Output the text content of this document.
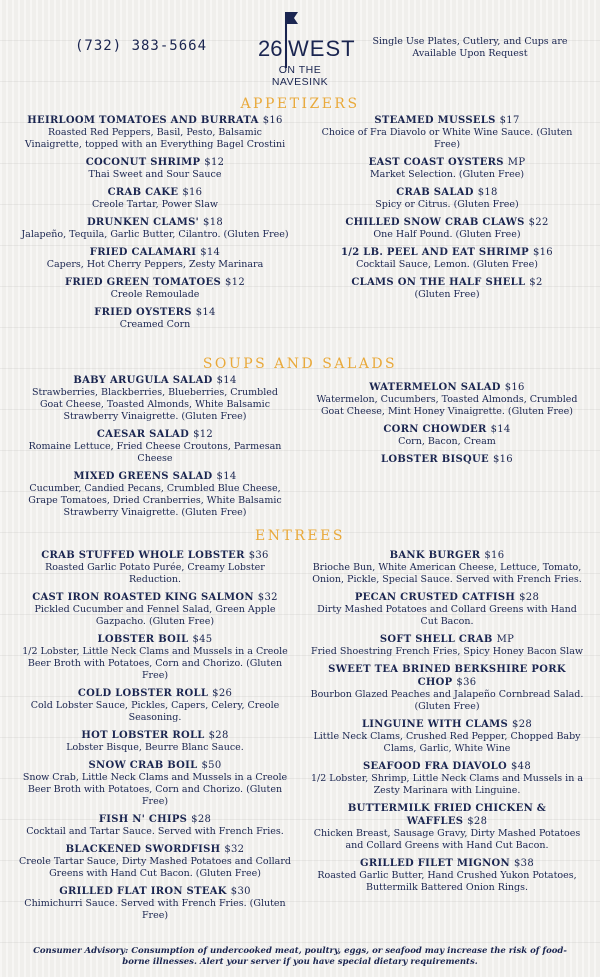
(732) 383-5664 26 WEST
ON THE NAVESINK
Single Use Plates, Cutlery, and Cups are Available Upon Request
APPETIZERS
SOUPS AND SALADS
ENTREES
HEIRLOOM TOMATOES AND BURRATA $16
Roasted Red Peppers, Basil, Pesto, Balsamic Vinaigrette, topped with an Everything Bagel Crostini
COCONUT SHRIMP $12
Thai Sweet and Sour Sauce
CRAB CAKE $16
Creole Tartar, Power Slaw
DRUNKEN CLAMS' $18
Jalapeño, Tequila, Garlic Butter, Cilantro. (Gluten Free)
FRIED CALAMARI $14
Capers, Hot Cherry Peppers, Zesty Marinara
FRIED GREEN TOMATOES $12
Creole Remoulade
FRIED OYSTERS $14
Creamed Corn
STEAMED MUSSELS $17
Choice of Fra Diavolo or White Wine Sauce. (Gluten Free)
EAST COAST OYSTERS MP
Market Selection. (Gluten Free)
CRAB SALAD $18
Spicy or Citrus. (Gluten Free)
CHILLED SNOW CRAB CLAWS $22
One Half Pound. (Gluten Free)
1/2 LB. PEEL AND EAT SHRIMP $16
Cocktail Sauce, Lemon. (Gluten Free)
CLAMS ON THE HALF SHELL $2
(Gluten Free)
BABY ARUGULA SALAD $14
Strawberries, Blackberries, Blueberries, Crumbled Goat Cheese, Toasted Almonds, White Balsamic Strawberry Vinaigrette. (Gluten Free)
CAESAR SALAD $12
Romaine Lettuce, Fried Cheese Croutons, Parmesan Cheese
MIXED GREENS SALAD $14
Cucumber, Candied Pecans, Crumbled Blue Cheese, Grape Tomatoes, Dried Cranberries, White Balsamic Strawberry Vinaigrette. (Gluten Free)
WATERMELON SALAD $16
Watermelon, Cucumbers, Toasted Almonds, Crumbled Goat Cheese, Mint Honey Vinaigrette. (Gluten Free)
CORN CHOWDER $14
Corn, Bacon, Cream
LOBSTER BISQUE $16
CRAB STUFFED WHOLE LOBSTER $36
Roasted Garlic Potato Purée, Creamy Lobster Reduction.
CAST IRON ROASTED KING SALMON $32
Pickled Cucumber and Fennel Salad, Green Apple Gazpacho. (Gluten Free)
LOBSTER BOIL $45
1/2 Lobster, Little Neck Clams and Mussels in a Creole Beer Broth with Potatoes, Corn and Chorizo. (Gluten Free)
COLD LOBSTER ROLL $26
Cold Lobster Sauce, Pickles, Capers, Celery, Creole Seasoning.
HOT LOBSTER ROLL $28
Lobster Bisque, Beurre Blanc Sauce.
SNOW CRAB BOIL $50
Snow Crab, Little Neck Clams and Mussels in a Creole Beer Broth with Potatoes, Corn and Chorizo. (Gluten Free)
FISH N' CHIPS $28
Cocktail and Tartar Sauce. Served with French Fries.
BLACKENED SWORDFISH $32
Creole Tartar Sauce, Dirty Mashed Potatoes and Collard Greens with Hand Cut Bacon. (Gluten Free)
GRILLED FLAT IRON STEAK $30
Chimichurri Sauce. Served with French Fries. (Gluten Free)
BANK BURGER $16
Brioche Bun, White American Cheese, Lettuce, Tomato, Onion, Pickle, Special Sauce. Served with French Fries.
PECAN CRUSTED CATFISH $28
Dirty Mashed Potatoes and Collard Greens with Hand Cut Bacon.
SOFT SHELL CRAB MP
Fried Shoestring French Fries, Spicy Honey Bacon Slaw
SWEET TEA BRINED BERKSHIRE PORK CHOP $36
Bourbon Glazed Peaches and Jalapeño Cornbread Salad. (Gluten Free)
LINGUINE WITH CLAMS $28
Little Neck Clams, Crushed Red Pepper, Chopped Baby Clams, Garlic, White Wine
SEAFOOD FRA DIAVOLO $48
1/2 Lobster, Shrimp, Little Neck Clams and Mussels in a Zesty Marinara with Linguine.
BUTTERMILK FRIED CHICKEN & WAFFLES $28
Chicken Breast, Sausage Gravy, Dirty Mashed Potatoes and Collard Greens with Hand Cut Bacon.
GRILLED FILET MIGNON $38
Roasted Garlic Butter, Hand Crushed Yukon Potatoes, Buttermilk Battered Onion Rings.
Consumer Advisory: Consumption of undercooked meat, poultry, eggs, or seafood may increase the risk of food-borne illnesses. Alert your server if you have special dietary requirements.
